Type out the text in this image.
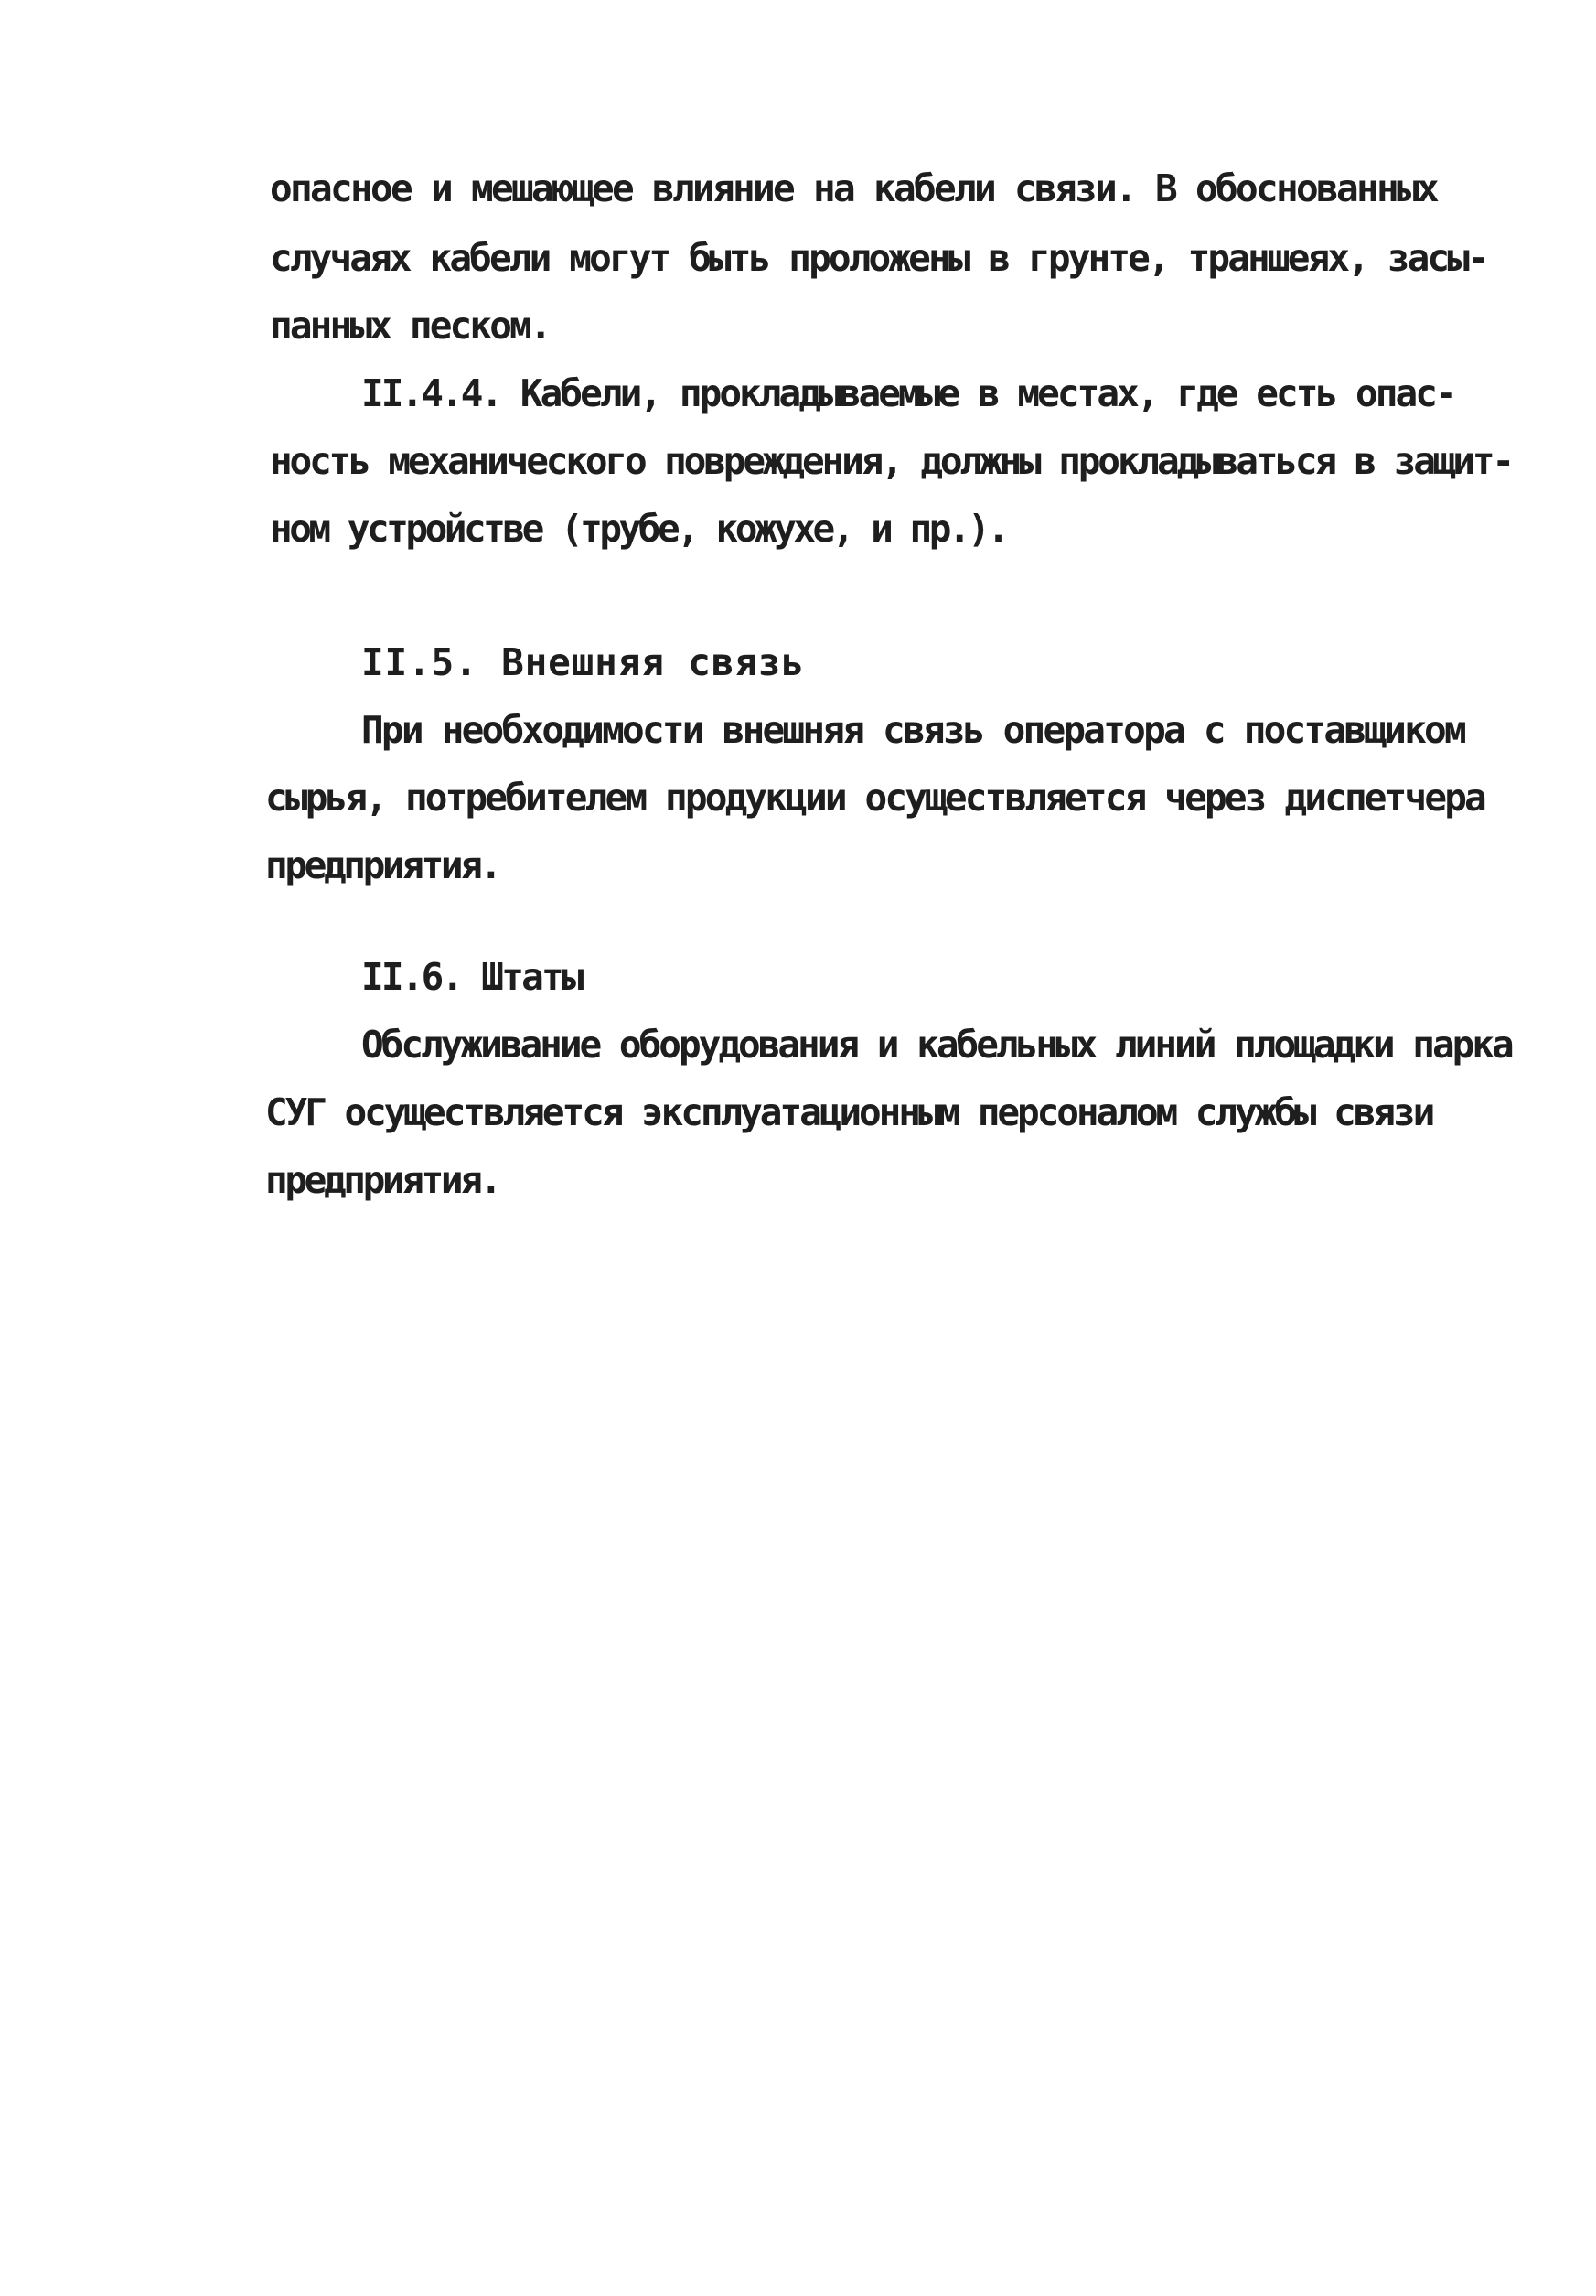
опасное и мешающее влияние на кабели связи. В обоснованных
случаях кабели могут быть проложены в грунте, траншеях, засы-
панных песком.
II.4.4. Кабели, прокладываемые в местах, где есть опас-
ность механического повреждения, должны прокладываться в защит-
ном устройстве (трубе, кожухе, и пр.).
II.5. Внешняя связь
При необходимости внешняя связь оператора с поставщиком
сырья, потребителем продукции осуществляется через диспетчера
предприятия.
II.6. Штаты
Обслуживание оборудования и кабельных линий площадки парка
СУГ осуществляется эксплуатационным персоналом службы связи
предприятия.
